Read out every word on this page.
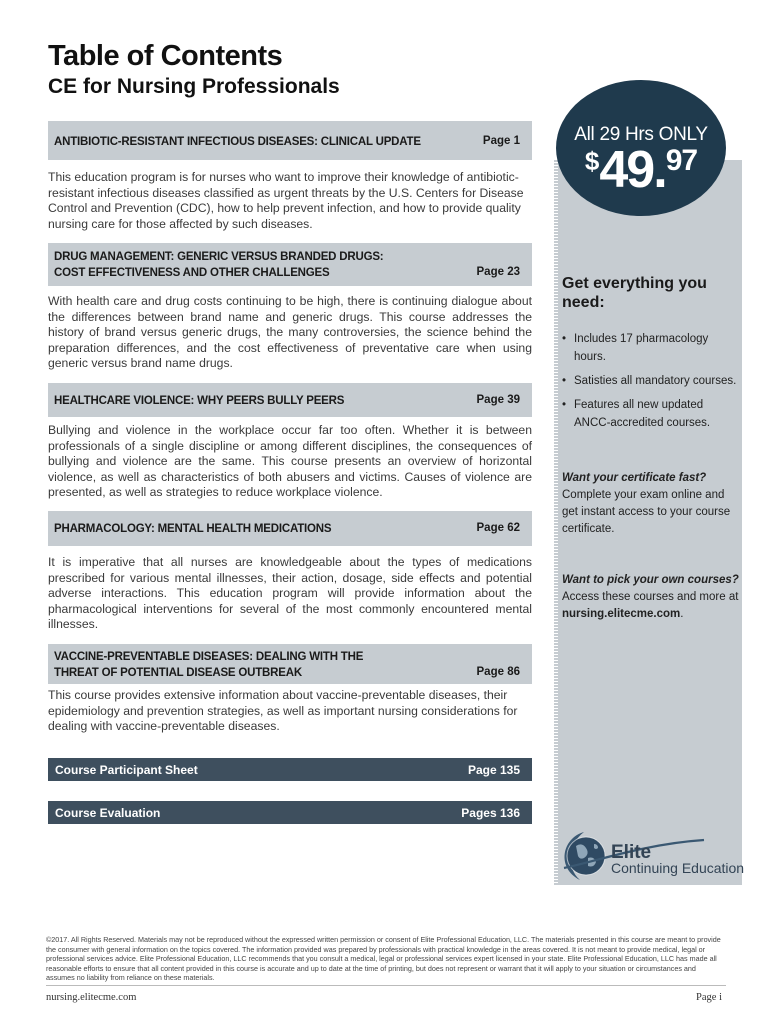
Table of Contents
CE for Nursing Professionals
All 29 Hrs ONLY
$49.97
Get everything you need:
• Includes 17 pharmacology hours.
• Satisties all mandatory courses.
• Features all new updated ANCC-accredited courses.
Want your certificate fast?
Complete your exam online and get instant access to your course certificate.
Want to pick your own courses?
Access these courses and more at nursing.elitecme.com.
Elite
Continuing Education
ANTIBIOTIC-RESISTANT INFECTIOUS DISEASES: CLINICAL UPDATE	Page 1

This education program is for nurses who want to improve their knowledge of antibiotic-resistant infectious diseases classified as urgent threats by the U.S. Centers for Disease Control and Prevention (CDC), how to help prevent infection, and how to provide quality nursing care for those affected by such diseases.

DRUG MANAGEMENT: GENERIC VERSUS BRANDED DRUGS:
COST EFFECTIVENESS AND OTHER CHALLENGES	Page 23

With health care and drug costs continuing to be high, there is continuing dialogue about the differences between brand name and generic drugs. This course addresses the history of brand versus generic drugs, the many controversies, the science behind the preparation differences, and the cost effectiveness of preventative care when using generic versus brand name drugs.

HEALTHCARE VIOLENCE: WHY PEERS BULLY PEERS	Page 39

Bullying and violence in the workplace occur far too often. Whether it is between professionals of a single discipline or among different disciplines, the consequences of bullying and violence are the same. This course presents an overview of horizontal violence, as well as characteristics of both abusers and victims. Causes of violence are presented, as well as strategies to reduce workplace violence.

PHARMACOLOGY: MENTAL HEALTH MEDICATIONS	Page 62

It is imperative that all nurses are knowledgeable about the types of medications prescribed for various mental illnesses, their action, dosage, side effects and potential adverse interactions. This education program will provide information about the pharmacological interventions for several of the most commonly encountered mental illnesses.

VACCINE-PREVENTABLE DISEASES: DEALING WITH THE
THREAT OF POTENTIAL DISEASE OUTBREAK	Page 86

This course provides extensive information about vaccine-preventable diseases, their epidemiology and prevention strategies, as well as important nursing considerations for dealing with vaccine-preventable diseases.

Course Participant Sheet	Page 135
Course Evaluation	Pages 136

©2017. All Rights Reserved. Materials may not be reproduced without the expressed written permission or consent of Elite Professional Education, LLC. The materials presented in this course are meant to provide the consumer with general information on the topics covered. The information provided was prepared by professionals with practical knowledge in the areas covered. It is not meant to provide medical, legal or professional services advice. Elite Professional Education, LLC recommends that you consult a medical, legal or professional services expert licensed in your state. Elite Professional Education, LLC has made all reasonable efforts to ensure that all content provided in this course is accurate and up to date at the time of printing, but does not represent or warrant that it will apply to your situation or circumstances and assumes no liability from reliance on these materials.

nursing.elitecme.com	Page i
